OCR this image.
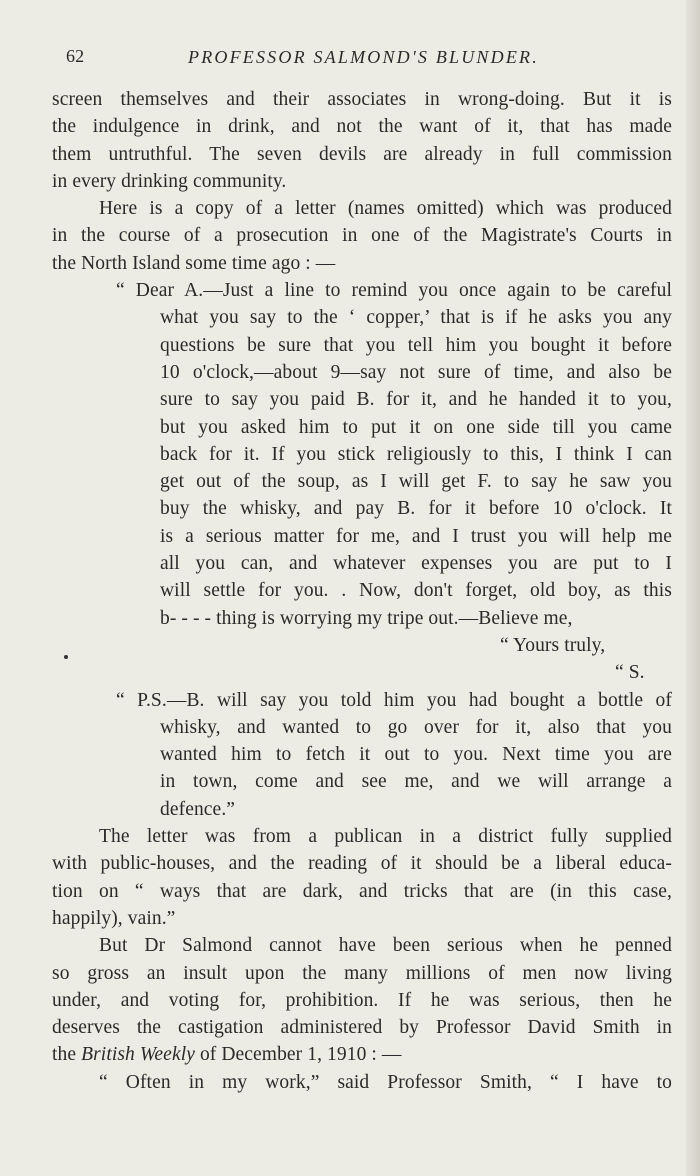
62	PROFESSOR SALMOND'S BLUNDER.
screen themselves and their associates in wrong-doing. But it is
the indulgence in drink, and not the want of it, that has made
them untruthful. The seven devils are already in full commission
in every drinking community.
Here is a copy of a letter (names omitted) which was produced
in the course of a prosecution in one of the Magistrate's Courts in
the North Island some time ago : —
“ Dear A.—Just a line to remind you once again to be careful
what you say to the ‘ copper,’ that is if he asks you any
questions be sure that you tell him you bought it before
10 o'clock,—about 9—say not sure of time, and also be
sure to say you paid B. for it, and he handed it to you,
but you asked him to put it on one side till you came
back for it. If you stick religiously to this, I think I can
get out of the soup, as I will get F. to say he saw you
buy the whisky, and pay B. for it before 10 o'clock. It
is a serious matter for me, and I trust you will help me
all you can, and whatever expenses you are put to I
will settle for you. . Now, don't forget, old boy, as this
b- - - - thing is worrying my tripe out.—Believe me,
“ Yours truly,
“ S.
“ P.S.—B. will say you told him you had bought a bottle of
whisky, and wanted to go over for it, also that you
wanted him to fetch it out to you. Next time you are
in town, come and see me, and we will arrange a
defence.”
The letter was from a publican in a district fully supplied
with public-houses, and the reading of it should be a liberal educa-
tion on “ ways that are dark, and tricks that are (in this case,
happily), vain.”
But Dr Salmond cannot have been serious when he penned
so gross an insult upon the many millions of men now living
under, and voting for, prohibition. If he was serious, then he
deserves the castigation administered by Professor David Smith in
the British Weekly of December 1, 1910 : —
“ Often in my work,” said Professor Smith, “ I have to
